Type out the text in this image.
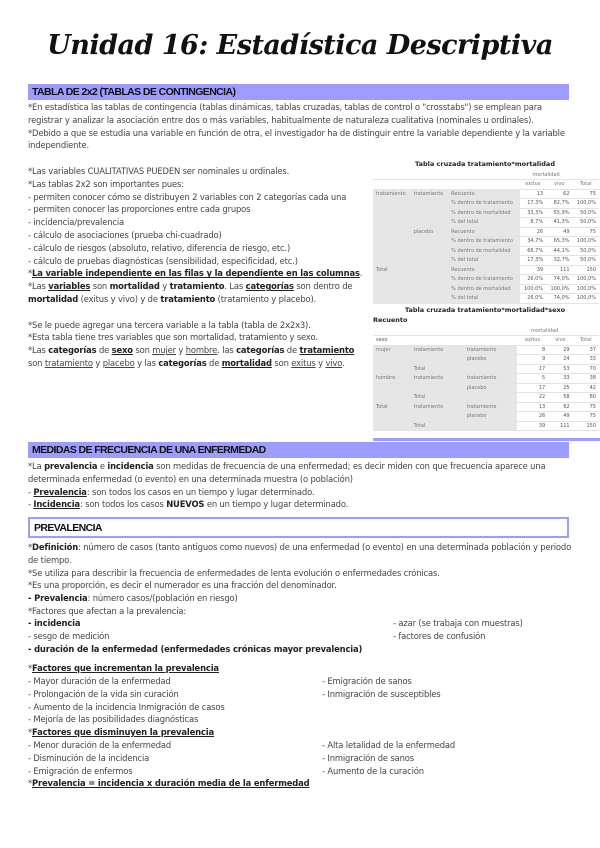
Unidad 16: Estadística Descriptiva
TABLA DE 2x2 (TABLAS DE CONTINGENCIA)

*En estadística las tablas de contingencia (tablas dinámicas, tablas cruzadas, tablas de control o "crosstabs") se emplean para registrar y analizar la asociación entre dos o más variables, habitualmente de naturaleza cualitativa (nominales u ordinales).

*Debido a que se estudia una variable en función de otra, el investigador ha de distinguir entre la variable dependiente y la variable independiente.

*Las variables CUALITATIVAS PUEDEN ser nominales u ordinales.

*Las tablas 2x2 son importantes pues:

- permiten conocer cómo se distribuyen 2 variables con 2 categorías cada una

- permiten conocer las proporciones entre cada grupos

- incidencia/prevalencia

- cálculo de asociaciones (prueba chi-cuadrado)

- cálculo de riesgos (absoluto, relativo, diferencia de riesgo, etc.)

- cálculo de pruebas diagnósticas (sensibilidad, especificidad, etc.)

*La variable independiente en las filas y la dependiente en las columnas.

*Las variables son mortalidad y tratamiento. Las categorías son dentro de mortalidad (exitus y vivo) y de tratamiento (tratamiento y placebo).

*Se le puede agregar una tercera variable a la tabla (tabla de 2x2x3).

*Esta tabla tiene tres variables que son mortalidad, tratamiento y sexo.

*Las categorías de sexo son mujer y hombre. las categorías de tratamiento son tratamiento y placebo y las categorías de mortalidad son exitus y vivo.

Tabla cruzada tratamiento*mortalidad
			mortalidad		
			exitus	vivo	Total
tratamiento	tratamiento	Recuento	13	62	75
		% dentro de tratamiento	17,3%	82,7%	100,0%
		% dentro de mortalidad	33,3%	55,9%	50,0%
		% del total	8,7%	41,3%	50,0%
	placebo	Recuento	26	49	75
		% dentro de tratamiento	34,7%	65,3%	100,0%
		% dentro de mortalidad	66,7%	44,1%	50,0%
		% del total	17,3%	32,7%	50,0%
Total		Recuento	39	111	150
		% dentro de tratamiento	26,0%	74,0%	100,0%
		% dentro de mortalidad	100,0%	100,0%	100,0%
		% del total	26,0%	74,0%	100,0%
Tabla cruzada tratamiento*mortalidad*sexo
Recuento
			mortalidad		
sexo			exitus	vivo	Total
mujer	tratamiento	tratamiento	8	29	37
		placebo	9	24	33
	Total		17	53	70
hombre	tratamiento	tratamiento	5	33	38
		placebo	17	25	42
	Total		22	58	80
Total	tratamiento	tratamiento	13	62	75
		placebo	26	49	75
	Total		39	111	150
MEDIDAS DE FRECUENCIA DE UNA ENFERMEDAD

*La prevalencia e incidencia son medidas de frecuencia de una enfermedad; es decir miden con que frecuencia aparece una determinada enfermedad (o evento) en una determinada muestra (o población)

- Prevalencia: son todos los casos en un tiempo y lugar determinado.

- Incidencia: son todos los casos NUEVOS en un tiempo y lugar determinado.

PREVALENCIA

*Definición: número de casos (tanto antiguos como nuevos) de una enfermedad (o evento) en una determinada población y periodo de tiempo.

*Se utiliza para describir la frecuencia de enfermedades de lenta evolución o enfermedades crónicas.

*Es una proporción, es decir el numerador es una fracción del denominador.

- Prevalencia: número casos/(población en riesgo)

*Factores que afectan a la prevalencia:

- incidencia

- sesgo de medición

- azar (se trabaja con muestras)

- factores de confusión

- duración de la enfermedad (enfermedades crónicas mayor prevalencia)

*Factores que incrementan la prevalencia

- Mayor duración de la enfermedad

- Prolongación de la vida sin curación

- Aumento de la incidencia Inmigración de casos

- Mejoría de las posibilidades diagnósticas

- Emigración de sanos

- Inmigración de susceptibles

*Factores que disminuyen la prevalencia

- Menor duración de la enfermedad

- Disminución de la incidencia

- Emigración de enfermos

- Alta letalidad de la enfermedad

- Inmigración de sanos

- Aumento de la curación

*Prevalencia = incidencia x duración media de la enfermedad
